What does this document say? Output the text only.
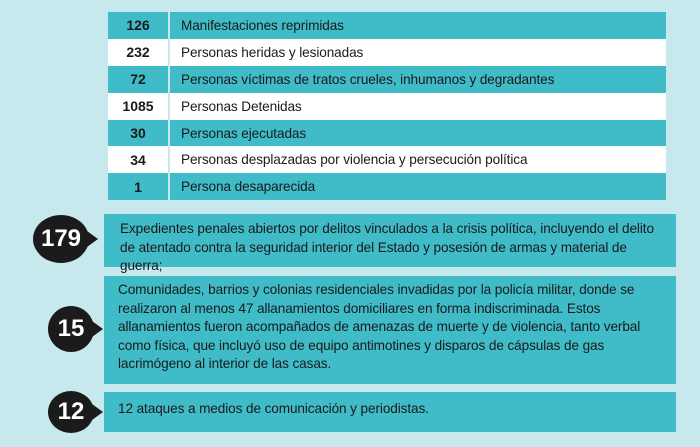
126	Manifestaciones reprimidas
232	Personas heridas y lesionadas
72	Personas víctimas de tratos crueles, inhumanos y degradantes
1085	Personas Detenidas
30	Personas ejecutadas
34	Personas desplazadas por violencia y persecución política
1	Persona desaparecida
Expedientes penales abiertos por delitos vinculados a la crisis política, incluyendo el delito de atentado contra la seguridad interior del Estado y posesión de armas y material de guerra;
179
Comunidades, barrios y colonias residenciales invadidas por la policía militar, donde se realizaron al menos 47 allanamientos domiciliares en forma indiscriminada. Estos allanamientos fueron acompañados de amenazas de muerte y de violencia, tanto verbal como física, que incluyó uso de equipo antimotines y disparos de cápsulas de gas lacrimógeno al interior de las casas.
15
12 ataques a medios de comunicación y periodistas.
12
